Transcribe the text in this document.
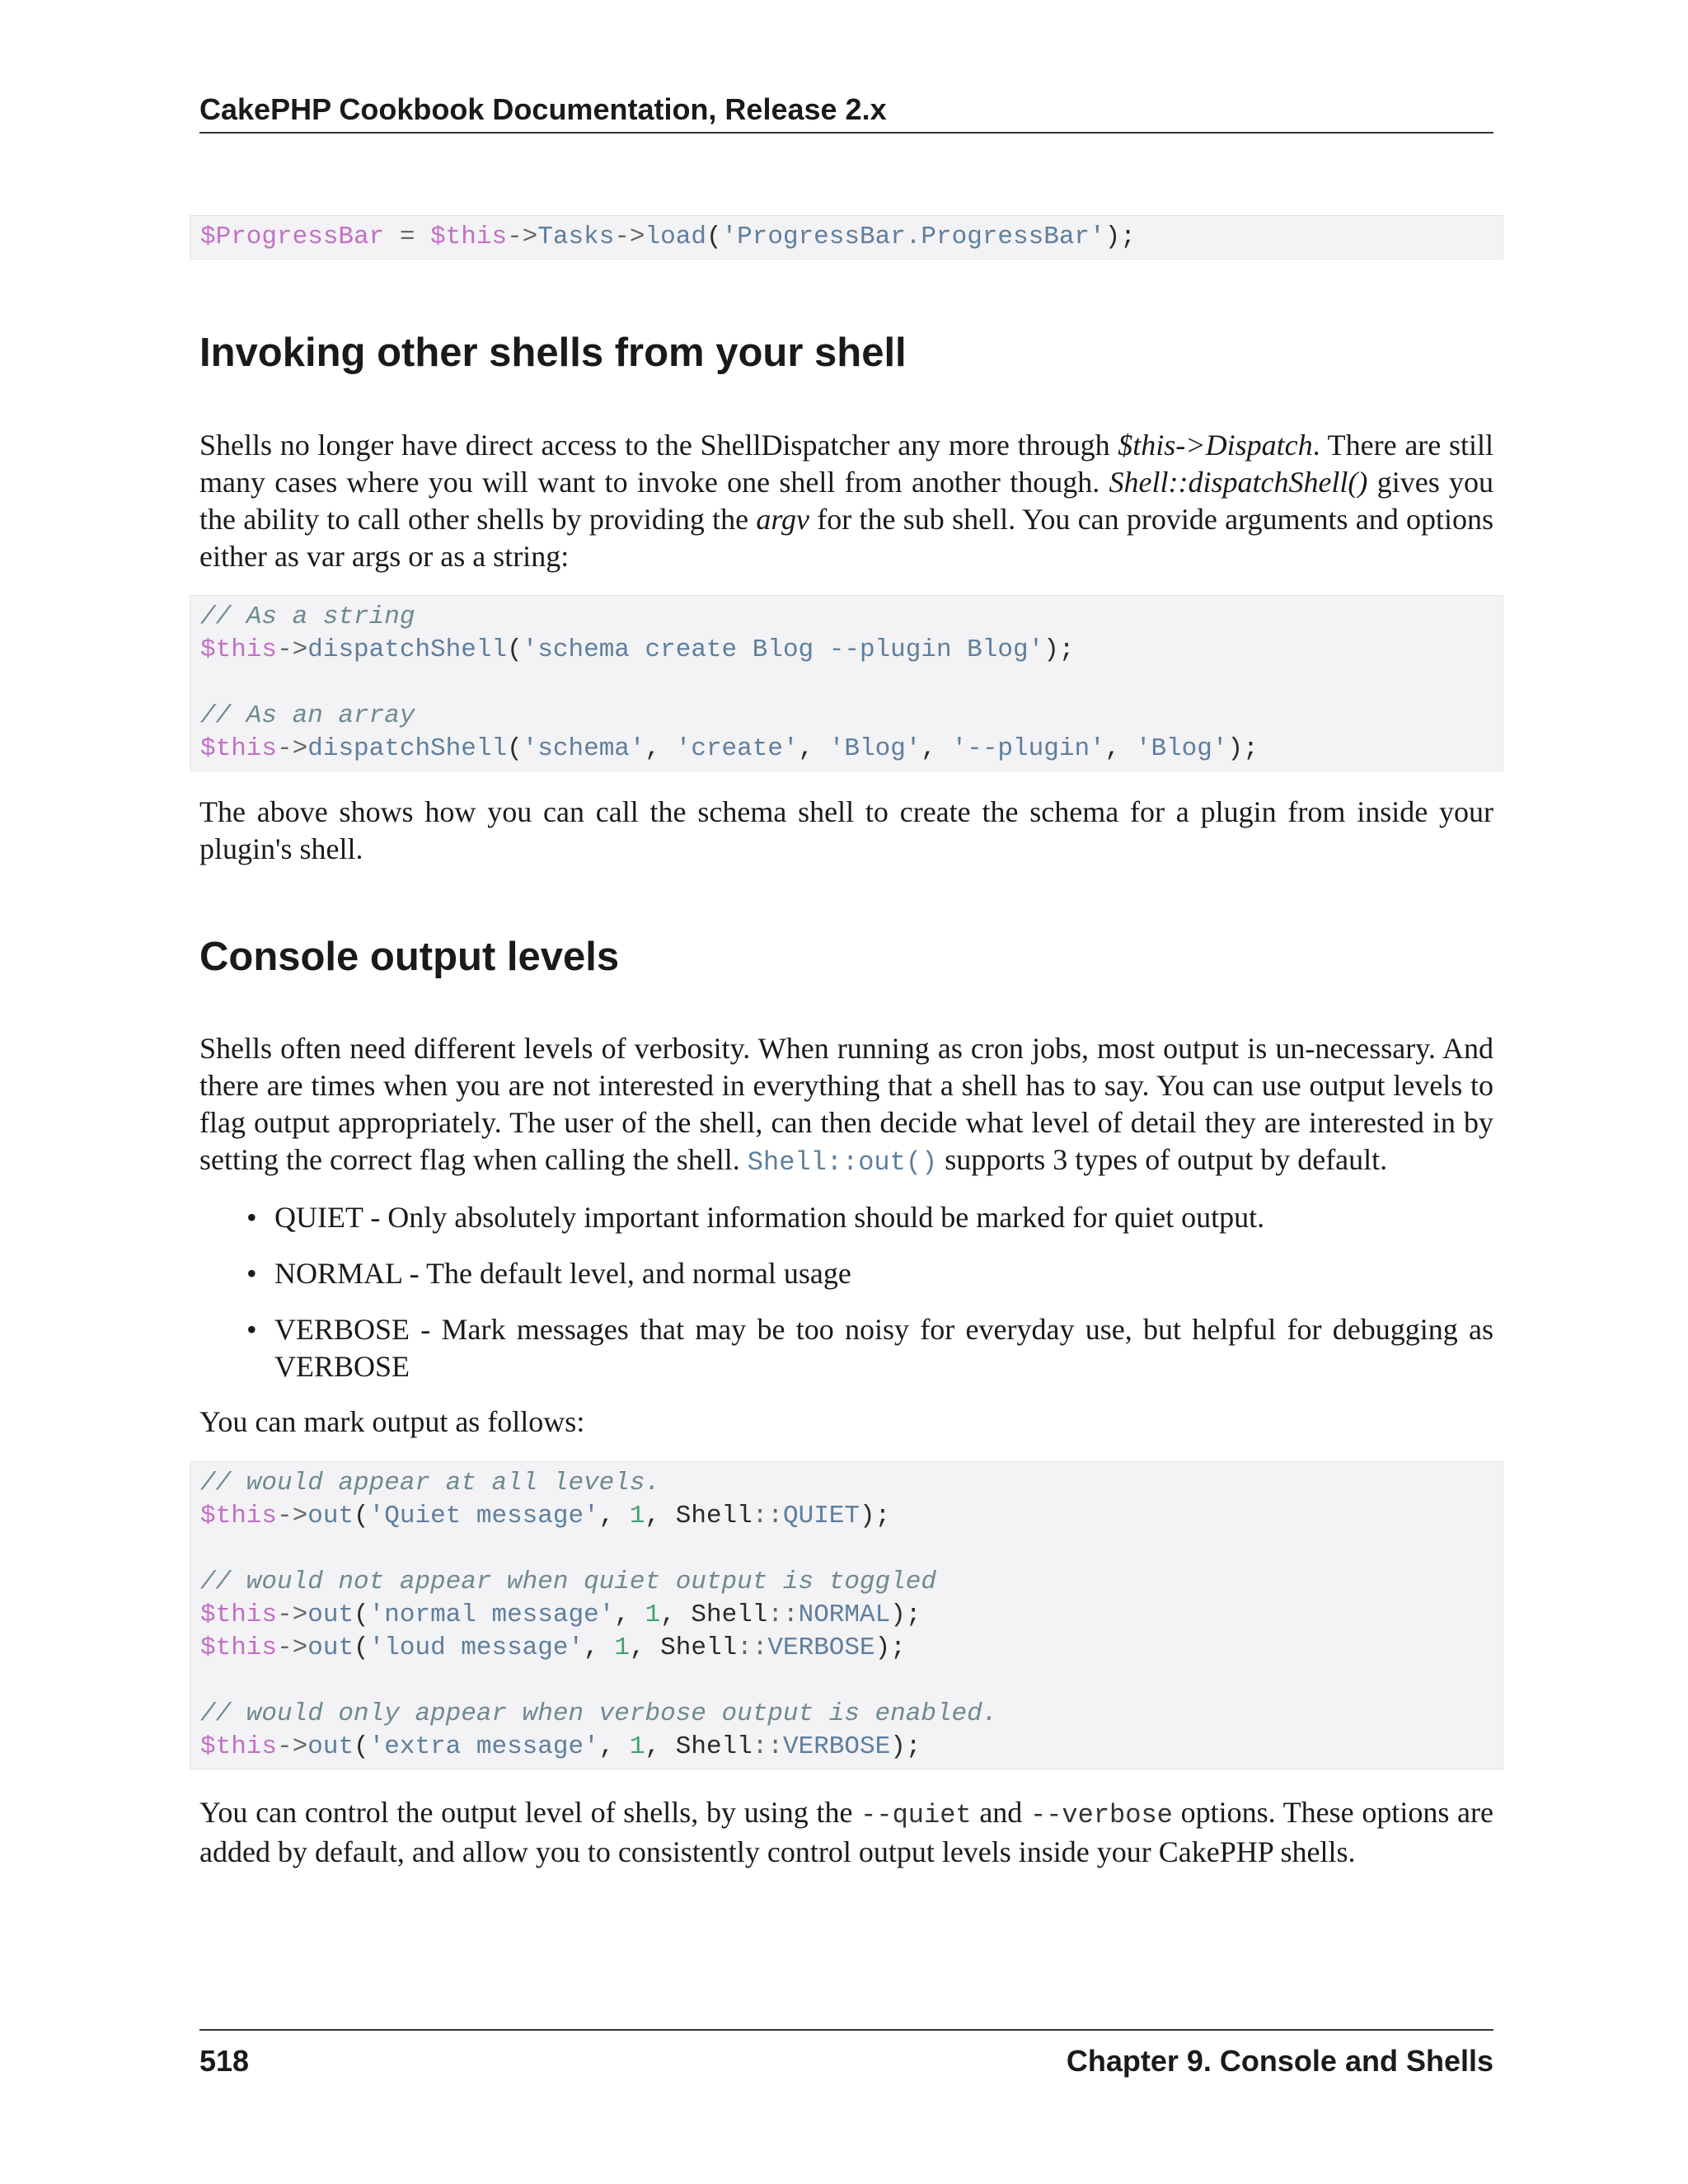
CakePHP Cookbook Documentation, Release 2.x
$ProgressBar = $this->Tasks->load('ProgressBar.ProgressBar');
Invoking other shells from your shell

Shells no longer have direct access to the ShellDispatcher any more through $this->Dispatch. There are still many cases where you will want to invoke one shell from another though. Shell::dispatchShell() gives you the ability to call other shells by providing the argv for the sub shell. You can provide arguments and options either as var args or as a string:

// As a string
$this->dispatchShell('schema create Blog --plugin Blog');
// As an array
$this->dispatchShell('schema', 'create', 'Blog', '--plugin', 'Blog');

The above shows how you can call the schema shell to create the schema for a plugin from inside your plugin's shell.

Console output levels

Shells often need different levels of verbosity. When running as cron jobs, most output is un-necessary. And there are times when you are not interested in everything that a shell has to say. You can use output levels to flag output appropriately. The user of the shell, can then decide what level of detail they are interested in by setting the correct flag when calling the shell. Shell::out() supports 3 types of output by default.

• QUIET - Only absolutely important information should be marked for quiet output.
• NORMAL - The default level, and normal usage
• VERBOSE - Mark messages that may be too noisy for everyday use, but helpful for debugging as VERBOSE

You can mark output as follows:

// would appear at all levels.
$this->out('Quiet message', 1, Shell::QUIET);
// would not appear when quiet output is toggled
$this->out('normal message', 1, Shell::NORMAL);
$this->out('loud message', 1, Shell::VERBOSE);
// would only appear when verbose output is enabled.
$this->out('extra message', 1, Shell::VERBOSE);

You can control the output level of shells, by using the --quiet and --verbose options. These options are added by default, and allow you to consistently control output levels inside your CakePHP shells.

518	Chapter 9. Console and Shells
